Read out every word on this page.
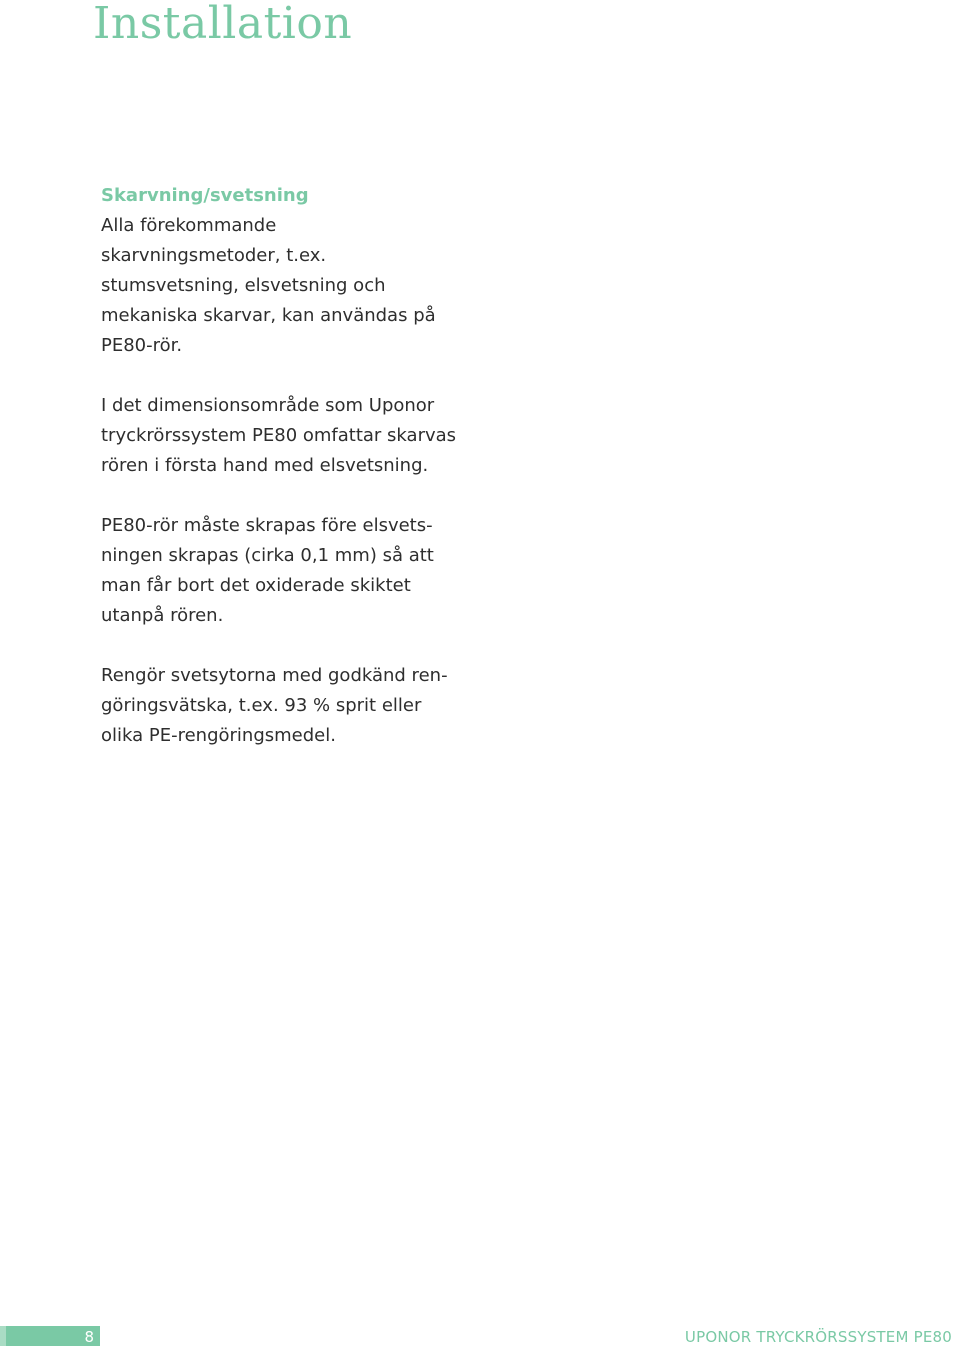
Installation
Skarvning/svetsning

Alla förekommande skarvningsmetoder, t.ex. stumsvetsning, elsvetsning och mekaniska skarvar, kan användas på PE80-rör.

I det dimensionsområde som Uponor tryckrörssystem PE80 omfattar skarvas rören i första hand med elsvetsning.

PE80-rör måste skrapas före elsvetsningen skrapas (cirka 0,1 mm) så att man får bort det oxiderade skiktet utanpå rören.

Rengör svetsytorna med godkänd rengöringsvätska, t.ex. 93 % sprit eller olika PE-rengöringsmedel.

8	UPONOR TRYCKRÖRSSYSTEM PE80
